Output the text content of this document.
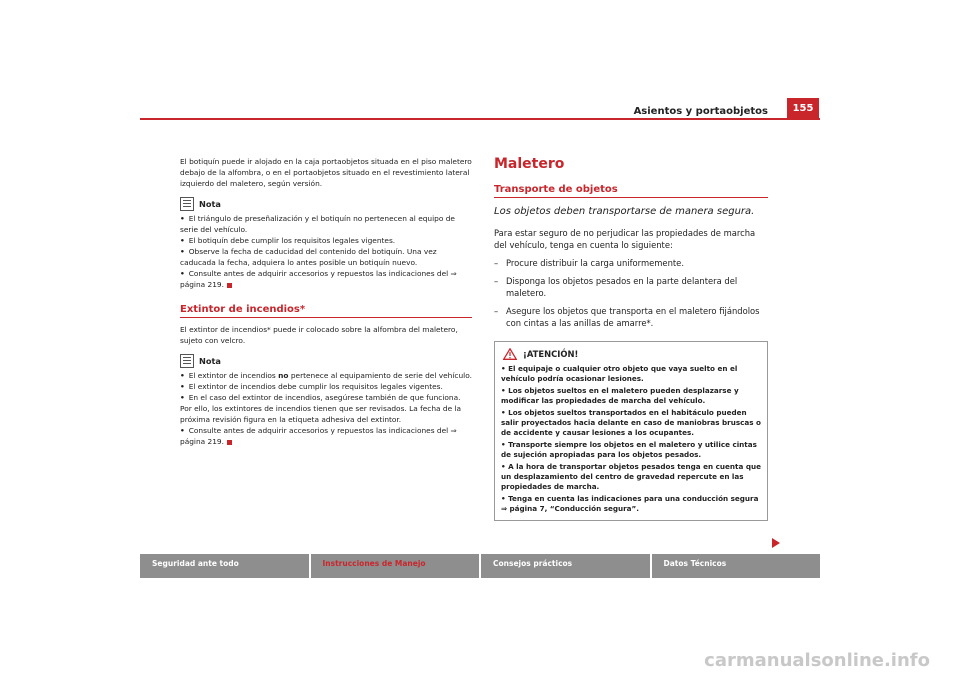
Asientos y portaobjetos	155

El botiquín puede ir alojado en la caja portaobjetos situada en el piso maletero debajo de la alfombra, o en el portaobjetos situado en el revestimiento lateral izquierdo del maletero, según versión.

Nota

• El triángulo de preseñalización y el botiquín no pertenecen al equipo de serie del vehículo.

• El botiquín debe cumplir los requisitos legales vigentes.

• Observe la fecha de caducidad del contenido del botiquín. Una vez caducada la fecha, adquiera lo antes posible un botiquín nuevo.

• Consulte antes de adquirir accesorios y repuestos las indicaciones del ⇒ página 219.

Extintor de incendios*

El extintor de incendios* puede ir colocado sobre la alfombra del maletero, sujeto con velcro.

Nota

• El extintor de incendios no pertenece al equipamiento de serie del vehículo.

• El extintor de incendios debe cumplir los requisitos legales vigentes.

• En el caso del extintor de incendios, asegúrese también de que funciona. Por ello, los extintores de incendios tienen que ser revisados. La fecha de la próxima revisión figura en la etiqueta adhesiva del extintor.

• Consulte antes de adquirir accesorios y repuestos las indicaciones del ⇒ página 219.

Maletero
Transporte de objetos
Los objetos deben transportarse de manera segura.

Para estar seguro de no perjudicar las propiedades de marcha del vehículo, tenga en cuenta lo siguiente:

– Procure distribuir la carga uniformemente.
– Disponga los objetos pesados en la parte delantera del maletero.
– Asegure los objetos que transporta en el maletero fijándolos con cintas a las anillas de amarre*.
¡ATENCIÓN!

• El equipaje o cualquier otro objeto que vaya suelto en el vehículo podría ocasionar lesiones.

• Los objetos sueltos en el maletero pueden desplazarse y modificar las propiedades de marcha del vehículo.

• Los objetos sueltos transportados en el habitáculo pueden salir proyectados hacia delante en caso de maniobras bruscas o de accidente y causar lesiones a los ocupantes.

• Transporte siempre los objetos en el maletero y utilice cintas de sujeción apropiadas para los objetos pesados.

• A la hora de transportar objetos pesados tenga en cuenta que un desplazamiento del centro de gravedad repercute en las propiedades de marcha.

• Tenga en cuenta las indicaciones para una conducción segura ⇒ página 7, “Conducción segura”.

Seguridad ante todo	Instrucciones de Manejo	Consejos prácticos	Datos Técnicos
carmanualsonline.info
